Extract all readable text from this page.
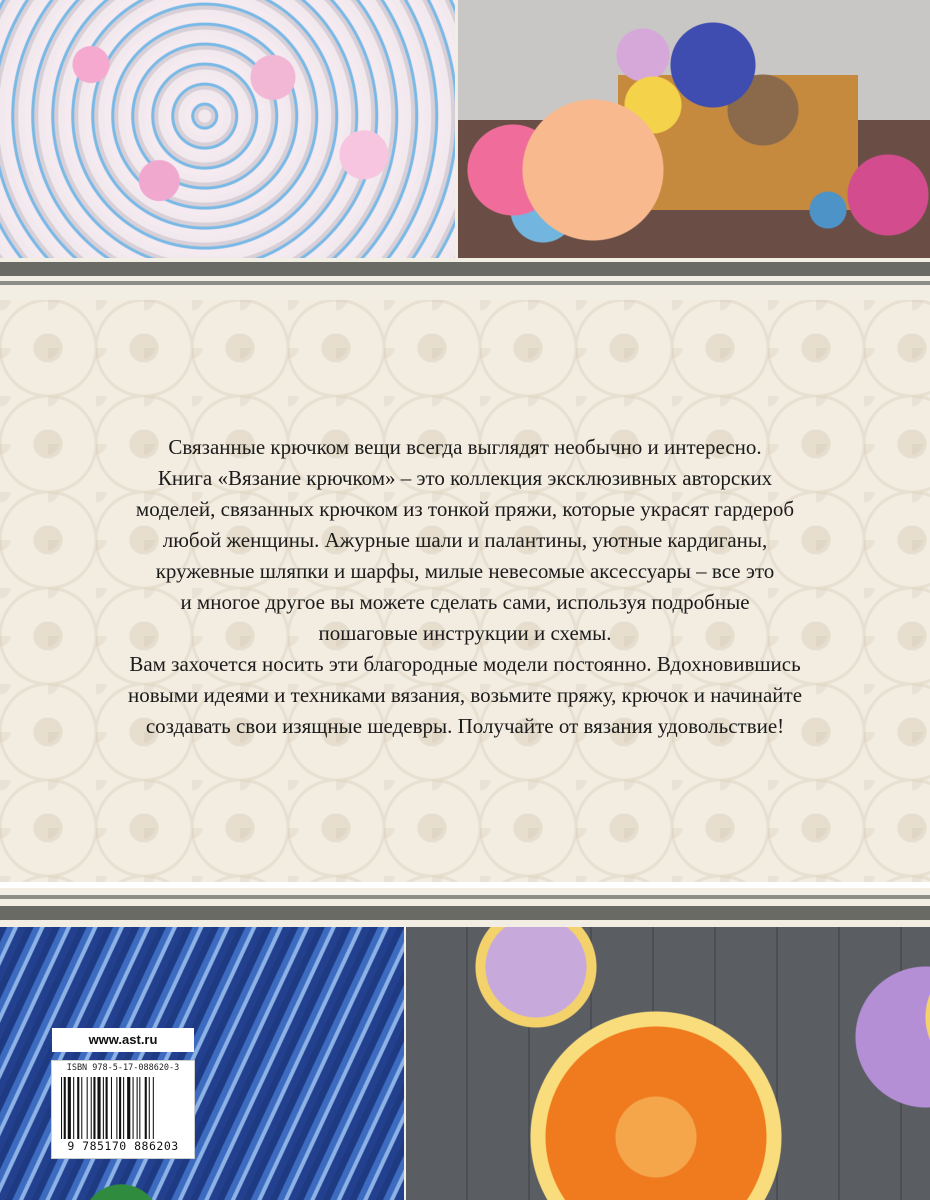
Связанные крючком вещи всегда выглядят необычно и интересно.

Книга «Вязание крючком» – это коллекция эксклюзивных авторских

моделей, связанных крючком из тонкой пряжи, которые украсят гардероб

любой женщины. Ажурные шали и палантины, уютные кардиганы,

кружевные шляпки и шарфы, милые невесомые аксессуары – все это

и многое другое вы можете сделать сами, используя подробные

пошаговые инструкции и схемы.

Вам захочется носить эти благородные модели постоянно. Вдохновившись

новыми идеями и техниками вязания, возьмите пряжу, крючок и начинайте

создавать свои изящные шедевры. Получайте от вязания удовольствие!

www.ast.ru
ISBN 978-5-17-088620-3
9 785170 886203
